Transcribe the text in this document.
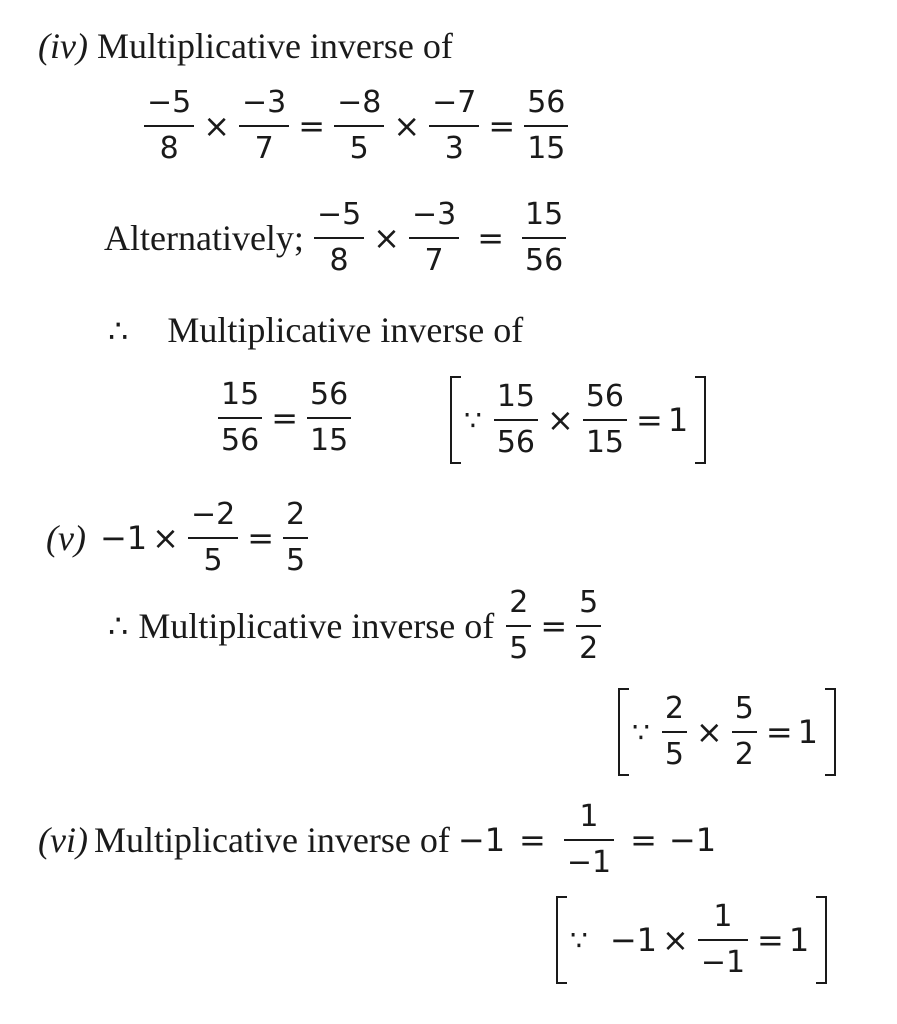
(iv) Multiplicative inverse of
$\frac{-5}{8} \times \frac{-3}{7} = \frac{-8}{5} \times \frac{-7}{3} = \frac{56}{15}$
Alternatively; $\frac{-5}{8} \times \frac{-3}{7} = \frac{15}{56}$
∴ Multiplicative inverse of
$\frac{15}{56} = \frac{56}{15}$	∵ $\frac{15}{56} \times \frac{56}{15} = 1$
$(v) -1 \times \frac{-2}{5} = \frac{2}{5}$
∴ Multiplicative inverse of $\frac{2}{5} = \frac{5}{2}$
∵ $\frac{2}{5} \times \frac{5}{2} = 1$
(vi) Multiplicative inverse of $-1 = \frac{1}{-1} = -1$
∵ $-1 \times \frac{1}{-1} = 1$
